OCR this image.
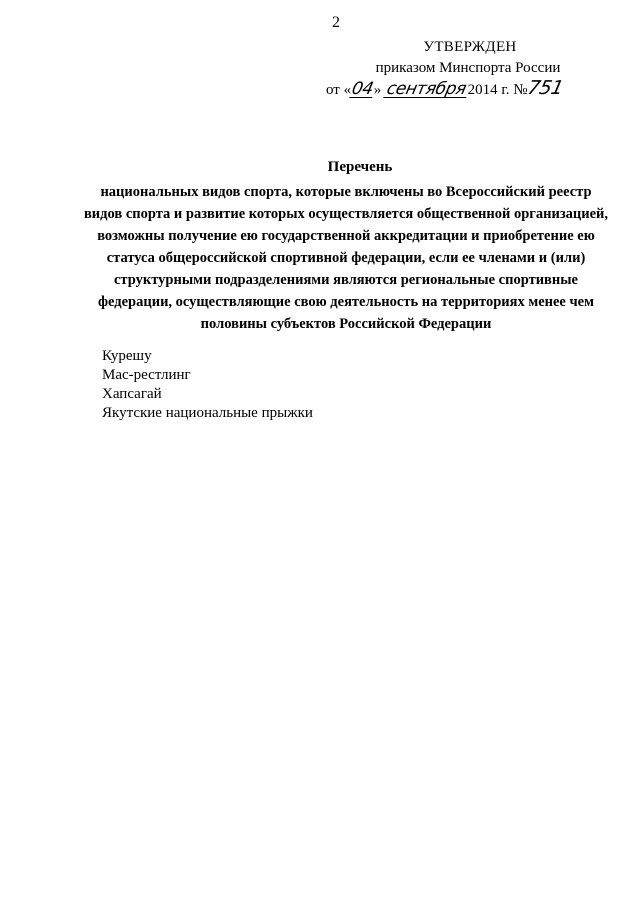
2
УТВЕРЖДЕН
приказом Минспорта России
от «04» сентября2014 г. №751
Перечень

национальных видов спорта, которые включены во Всероссийский реестр
видов спорта и развитие которых осуществляется общественной организацией,
возможны получение ею государственной аккредитации и приобретение ею
статуса общероссийской спортивной федерации, если ее членами и (или)
структурными подразделениями являются региональные спортивные
федерации, осуществляющие свою деятельность на территориях менее чем
половины субъектов Российской Федерации

Курешу
Мас-рестлинг
Хапсагай
Якутские национальные прыжки
